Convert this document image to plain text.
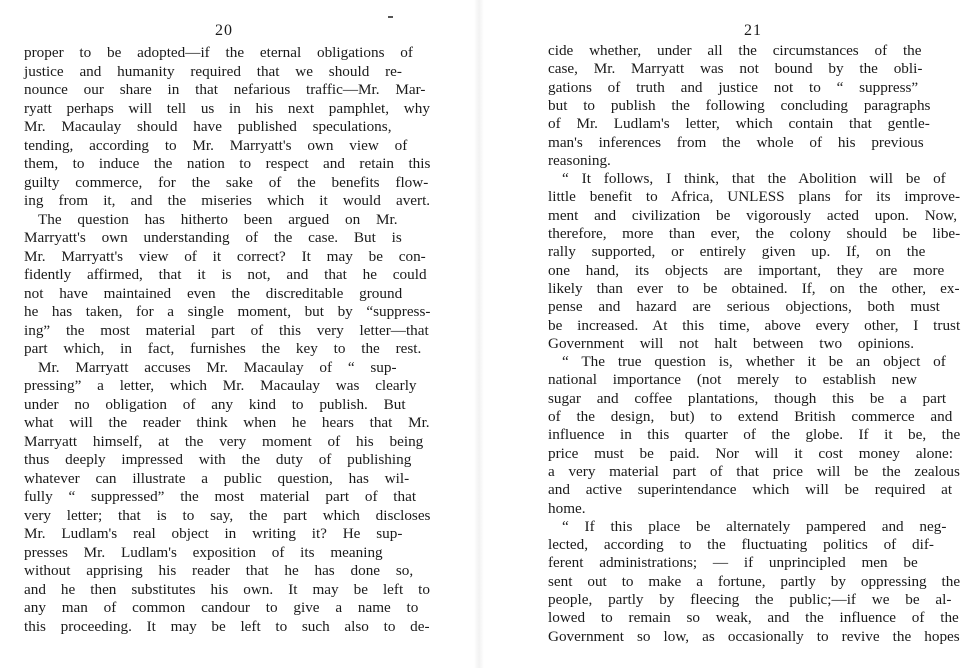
20
proper to be adopted—if the eternal obligations of
justice and humanity required that we should re-
nounce our share in that nefarious traffic—Mr. Mar-
ryatt perhaps will tell us in his next pamphlet, why
Mr. Macaulay should have published speculations,
tending, according to Mr. Marryatt's own view of
them, to induce the nation to respect and retain this
guilty commerce, for the sake of the benefits flow-
ing from it, and the miseries which it would avert.
The question has hitherto been argued on Mr.
Marryatt's own understanding of the case. But is
Mr. Marryatt's view of it correct? It may be con-
fidently affirmed, that it is not, and that he could
not have maintained even the discreditable ground
he has taken, for a single moment, but by “suppress-
ing” the most material part of this very letter—that
part which, in fact, furnishes the key to the rest.
Mr. Marryatt accuses Mr. Macaulay of “ sup-
pressing” a letter, which Mr. Macaulay was clearly
under no obligation of any kind to publish. But
what will the reader think when he hears that Mr.
Marryatt himself, at the very moment of his being
thus deeply impressed with the duty of publishing
whatever can illustrate a public question, has wil-
fully “ suppressed” the most material part of that
very letter; that is to say, the part which discloses
Mr. Ludlam's real object in writing it? He sup-
presses Mr. Ludlam's exposition of its meaning
without apprising his reader that he has done so,
and he then substitutes his own. It may be left to
any man of common candour to give a name to
this proceeding. It may be left to such also to de-
21
cide whether, under all the circumstances of the
case, Mr. Marryatt was not bound by the obli-
gations of truth and justice not to “ suppress”
but to publish the following concluding paragraphs
of Mr. Ludlam's letter, which contain that gentle-
man's inferences from the whole of his previous
reasoning.
“ It follows, I think, that the Abolition will be of
little benefit to Africa, UNLESS plans for its improve-
ment and civilization be vigorously acted upon. Now,
therefore, more than ever, the colony should be libe-
rally supported, or entirely given up. If, on the
one hand, its objects are important, they are more
likely than ever to be obtained. If, on the other, ex-
pense and hazard are serious objections, both must
be increased. At this time, above every other, I trust
Government will not halt between two opinions.
“ The true question is, whether it be an object of
national importance (not merely to establish new
sugar and coffee plantations, though this be a part
of the design, but) to extend British commerce and
influence in this quarter of the globe. If it be, the
price must be paid. Nor will it cost money alone:
a very material part of that price will be the zealous
and active superintendance which will be required at
home.
“ If this place be alternately pampered and neg-
lected, according to the fluctuating politics of dif-
ferent administrations; — if unprincipled men be
sent out to make a fortune, partly by oppressing the
people, partly by fleecing the public;—if we be al-
lowed to remain so weak, and the influence of the
Government so low, as occasionally to revive the hopes
